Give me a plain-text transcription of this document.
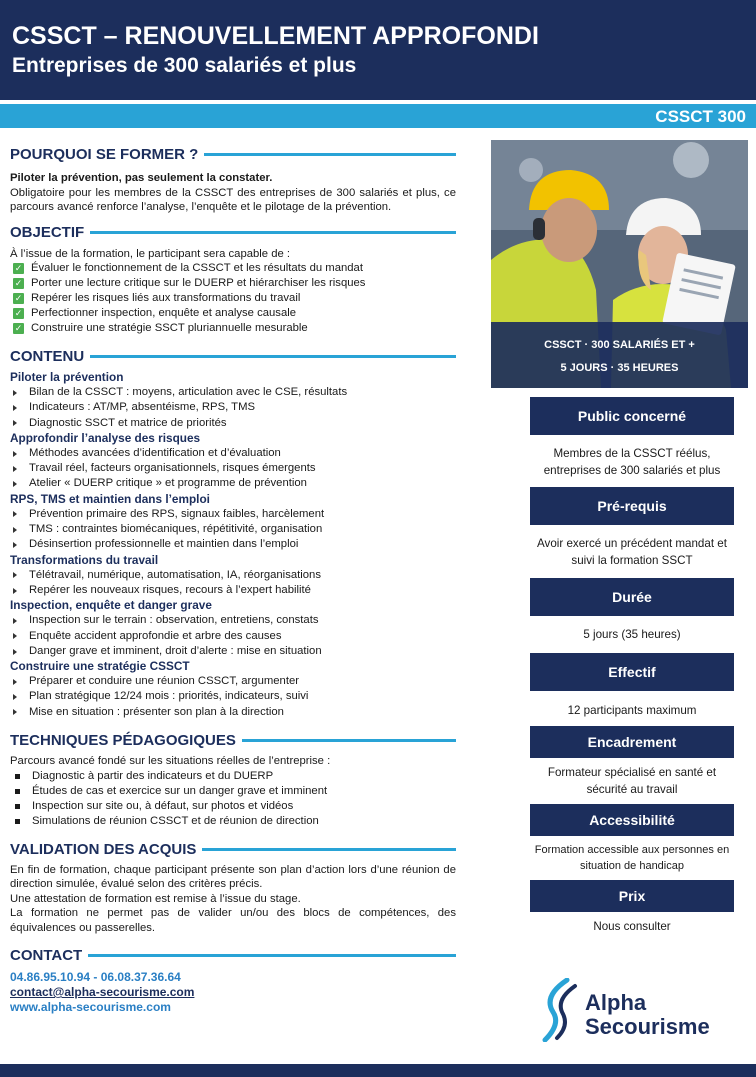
CSSCT – RENOUVELLEMENT APPROFONDI
Entreprises de 300 salariés et plus
CSSCT 300
POURQUOI SE FORMER ?
Piloter la prévention, pas seulement la constater.
Obligatoire pour les membres de la CSSCT des entreprises de 300 salariés et plus, ce parcours avancé renforce l’analyse, l’enquête et le pilotage de la prévention.
OBJECTIF
À l’issue de la formation, le participant sera capable de :
✓ Évaluer le fonctionnement de la CSSCT et les résultats du mandat
✓ Porter une lecture critique sur le DUERP et hiérarchiser les risques
✓ Repérer les risques liés aux transformations du travail
✓ Perfectionner inspection, enquête et analyse causale
✓ Construire une stratégie SSCT pluriannuelle mesurable
CONTENU
Piloter la prévention
Bilan de la CSSCT : moyens, articulation avec le CSE, résultats
Indicateurs : AT/MP, absentéisme, RPS, TMS
Diagnostic SSCT et matrice de priorités
Approfondir l’analyse des risques
Méthodes avancées d’identification et d’évaluation
Travail réel, facteurs organisationnels, risques émergents
Atelier « DUERP critique » et programme de prévention
RPS, TMS et maintien dans l’emploi
Prévention primaire des RPS, signaux faibles, harcèlement
TMS : contraintes biomécaniques, répétitivité, organisation
Désinsertion professionnelle et maintien dans l’emploi
Transformations du travail
Télétravail, numérique, automatisation, IA, réorganisations
Repérer les nouveaux risques, recours à l’expert habilité
Inspection, enquête et danger grave
Inspection sur le terrain : observation, entretiens, constats
Enquête accident approfondie et arbre des causes
Danger grave et imminent, droit d’alerte : mise en situation
Construire une stratégie CSSCT
Préparer et conduire une réunion CSSCT, argumenter
Plan stratégique 12/24 mois : priorités, indicateurs, suivi
Mise en situation : présenter son plan à la direction
TECHNIQUES PÉDAGOGIQUES
Parcours avancé fondé sur les situations réelles de l’entreprise :
Diagnostic à partir des indicateurs et du DUERP
Études de cas et exercice sur un danger grave et imminent
Inspection sur site ou, à défaut, sur photos et vidéos
Simulations de réunion CSSCT et de réunion de direction
VALIDATION DES ACQUIS
En fin de formation, chaque participant présente son plan d’action lors d’une réunion de direction simulée, évalué selon des critères précis.
Une attestation de formation est remise à l’issue du stage.
La formation ne permet pas de valider un/ou des blocs de compétences, des équivalences ou passerelles.
CONTACT
04.86.95.10.94 - 06.08.37.36.64
contact@alpha-secourisme.com
www.alpha-secourisme.com
CSSCT · 300 SALARIÉS ET +
5 JOURS · 35 HEURES
Public concerné
Membres de la CSSCT réélus, entreprises de 300 salariés et plus
Pré-requis
Avoir exercé un précédent mandat et suivi la formation SSCT
Durée
5 jours (35 heures)
Effectif
12 participants maximum
Encadrement
Formateur spécialisé en santé et sécurité au travail
Accessibilité
Formation accessible aux personnes en situation de handicap
Prix
Nous consulter
Alpha
Secourisme
